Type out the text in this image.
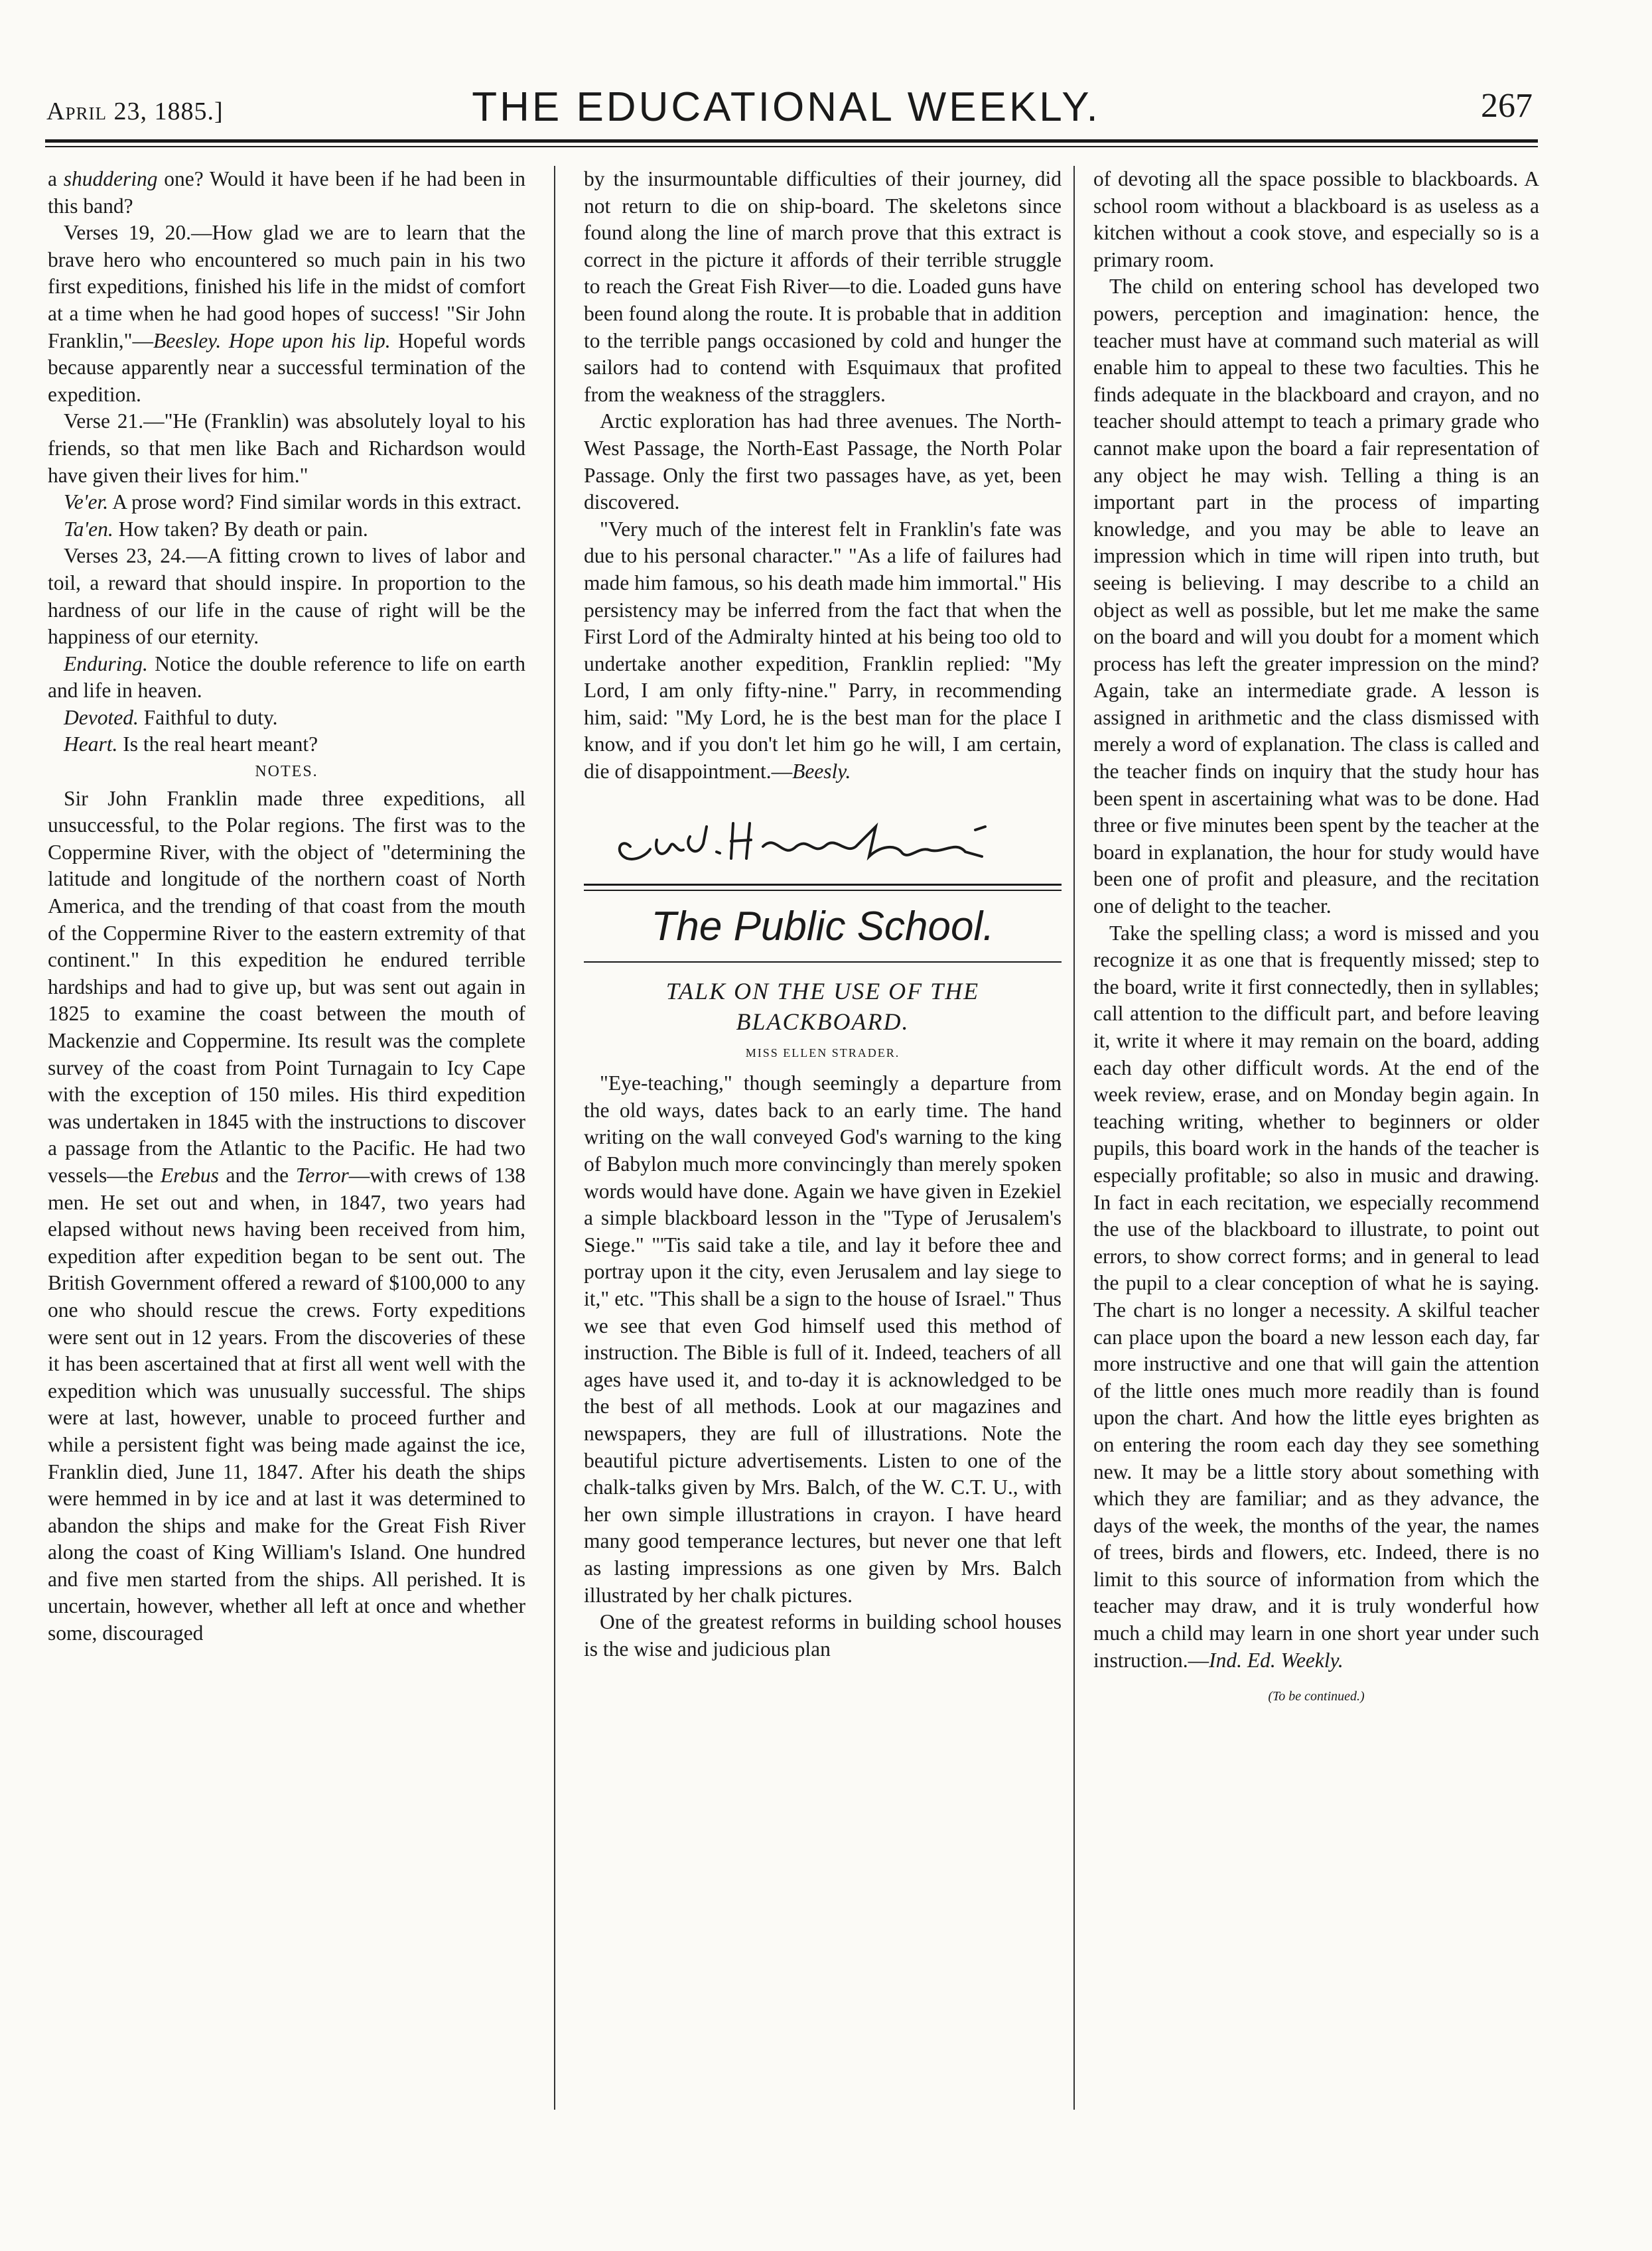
April 23, 1885.]	THE EDUCATIONAL WEEKLY.	267

a shuddering one? Would it have been if he had been in this band?

Verses 19, 20.—How glad we are to learn that the brave hero who encountered so much pain in his two first expeditions, finished his life in the midst of comfort at a time when he had good hopes of success! "Sir John Franklin,"—Beesley. Hope upon his lip. Hopeful words because apparently near a successful termination of the expedition.

Verse 21.—"He (Franklin) was absolutely loyal to his friends, so that men like Bach and Richardson would have given their lives for him."

Ve'er. A prose word? Find similar words in this extract.

Ta'en. How taken? By death or pain.

Verses 23, 24.—A fitting crown to lives of labor and toil, a reward that should inspire. In proportion to the hardness of our life in the cause of right will be the happiness of our eternity.

Enduring. Notice the double reference to life on earth and life in heaven.

Devoted. Faithful to duty.

Heart. Is the real heart meant?

NOTES.

Sir John Franklin made three expeditions, all unsuccessful, to the Polar regions. The first was to the Coppermine River, with the object of "determining the latitude and longitude of the northern coast of North America, and the trending of that coast from the mouth of the Coppermine River to the eastern extremity of that continent." In this expedition he endured terrible hardships and had to give up, but was sent out again in 1825 to examine the coast between the mouth of Mackenzie and Coppermine. Its result was the complete survey of the coast from Point Turnagain to Icy Cape with the exception of 150 miles. His third expedition was undertaken in 1845 with the instructions to discover a passage from the Atlantic to the Pacific. He had two vessels—the Erebus and the Terror—with crews of 138 men. He set out and when, in 1847, two years had elapsed without news having been received from him, expedition after expedition began to be sent out. The British Government offered a reward of $100,000 to any one who should rescue the crews. Forty expeditions were sent out in 12 years. From the discoveries of these it has been ascertained that at first all went well with the expedition which was unusually successful. The ships were at last, however, unable to proceed further and while a persistent fight was being made against the ice, Franklin died, June 11, 1847. After his death the ships were hemmed in by ice and at last it was determined to abandon the ships and make for the Great Fish River along the coast of King William's Island. One hundred and five men started from the ships. All perished. It is uncertain, however, whether all left at once and whether some, discouraged

by the insurmountable difficulties of their journey, did not return to die on ship-board. The skeletons since found along the line of march prove that this extract is correct in the picture it affords of their terrible struggle to reach the Great Fish River—to die. Loaded guns have been found along the route. It is probable that in addition to the terrible pangs occasioned by cold and hunger the sailors had to contend with Esquimaux that profited from the weakness of the stragglers.

Arctic exploration has had three avenues. The North-West Passage, the North-East Passage, the North Polar Passage. Only the first two passages have, as yet, been discovered.

"Very much of the interest felt in Franklin's fate was due to his personal character." "As a life of failures had made him famous, so his death made him immortal." His persistency may be inferred from the fact that when the First Lord of the Admiralty hinted at his being too old to undertake another expedition, Franklin replied: "My Lord, I am only fifty-nine." Parry, in recommending him, said: "My Lord, he is the best man for the place I know, and if you don't let him go he will, I am certain, die of disappointment.—Beesly.

The Public School.

TALK ON THE USE OF THE BLACKBOARD.

MISS ELLEN STRADER.

"Eye-teaching," though seemingly a departure from the old ways, dates back to an early time. The hand writing on the wall conveyed God's warning to the king of Babylon much more convincingly than merely spoken words would have done. Again we have given in Ezekiel a simple blackboard lesson in the "Type of Jerusalem's Siege." "'Tis said take a tile, and lay it before thee and portray upon it the city, even Jerusalem and lay siege to it," etc. "This shall be a sign to the house of Israel." Thus we see that even God himself used this method of instruction. The Bible is full of it. Indeed, teachers of all ages have used it, and to-day it is acknowledged to be the best of all methods. Look at our magazines and newspapers, they are full of illustrations. Note the beautiful picture advertisements. Listen to one of the chalk-talks given by Mrs. Balch, of the W. C.T. U., with her own simple illustrations in crayon. I have heard many good temperance lectures, but never one that left as lasting impressions as one given by Mrs. Balch illustrated by her chalk pictures.

One of the greatest reforms in building school houses is the wise and judicious plan

of devoting all the space possible to blackboards. A school room without a blackboard is as useless as a kitchen without a cook stove, and especially so is a primary room.

The child on entering school has developed two powers, perception and imagination: hence, the teacher must have at command such material as will enable him to appeal to these two faculties. This he finds adequate in the blackboard and crayon, and no teacher should attempt to teach a primary grade who cannot make upon the board a fair representation of any object he may wish. Telling a thing is an important part in the process of imparting knowledge, and you may be able to leave an impression which in time will ripen into truth, but seeing is believing. I may describe to a child an object as well as possible, but let me make the same on the board and will you doubt for a moment which process has left the greater impression on the mind? Again, take an intermediate grade. A lesson is assigned in arithmetic and the class dismissed with merely a word of explanation. The class is called and the teacher finds on inquiry that the study hour has been spent in ascertaining what was to be done. Had three or five minutes been spent by the teacher at the board in explanation, the hour for study would have been one of profit and pleasure, and the recitation one of delight to the teacher.

Take the spelling class; a word is missed and you recognize it as one that is frequently missed; step to the board, write it first connectedly, then in syllables; call attention to the difficult part, and before leaving it, write it where it may remain on the board, adding each day other difficult words. At the end of the week review, erase, and on Monday begin again. In teaching writing, whether to beginners or older pupils, this board work in the hands of the teacher is especially profitable; so also in music and drawing. In fact in each recitation, we especially recommend the use of the blackboard to illustrate, to point out errors, to show correct forms; and in general to lead the pupil to a clear conception of what he is saying. The chart is no longer a necessity. A skilful teacher can place upon the board a new lesson each day, far more instructive and one that will gain the attention of the little ones much more readily than is found upon the chart. And how the little eyes brighten as on entering the room each day they see something new. It may be a little story about something with which they are familiar; and as they advance, the days of the week, the months of the year, the names of trees, birds and flowers, etc. Indeed, there is no limit to this source of information from which the teacher may draw, and it is truly wonderful how much a child may learn in one short year under such instruction.—Ind. Ed. Weekly.

(To be continued.)
